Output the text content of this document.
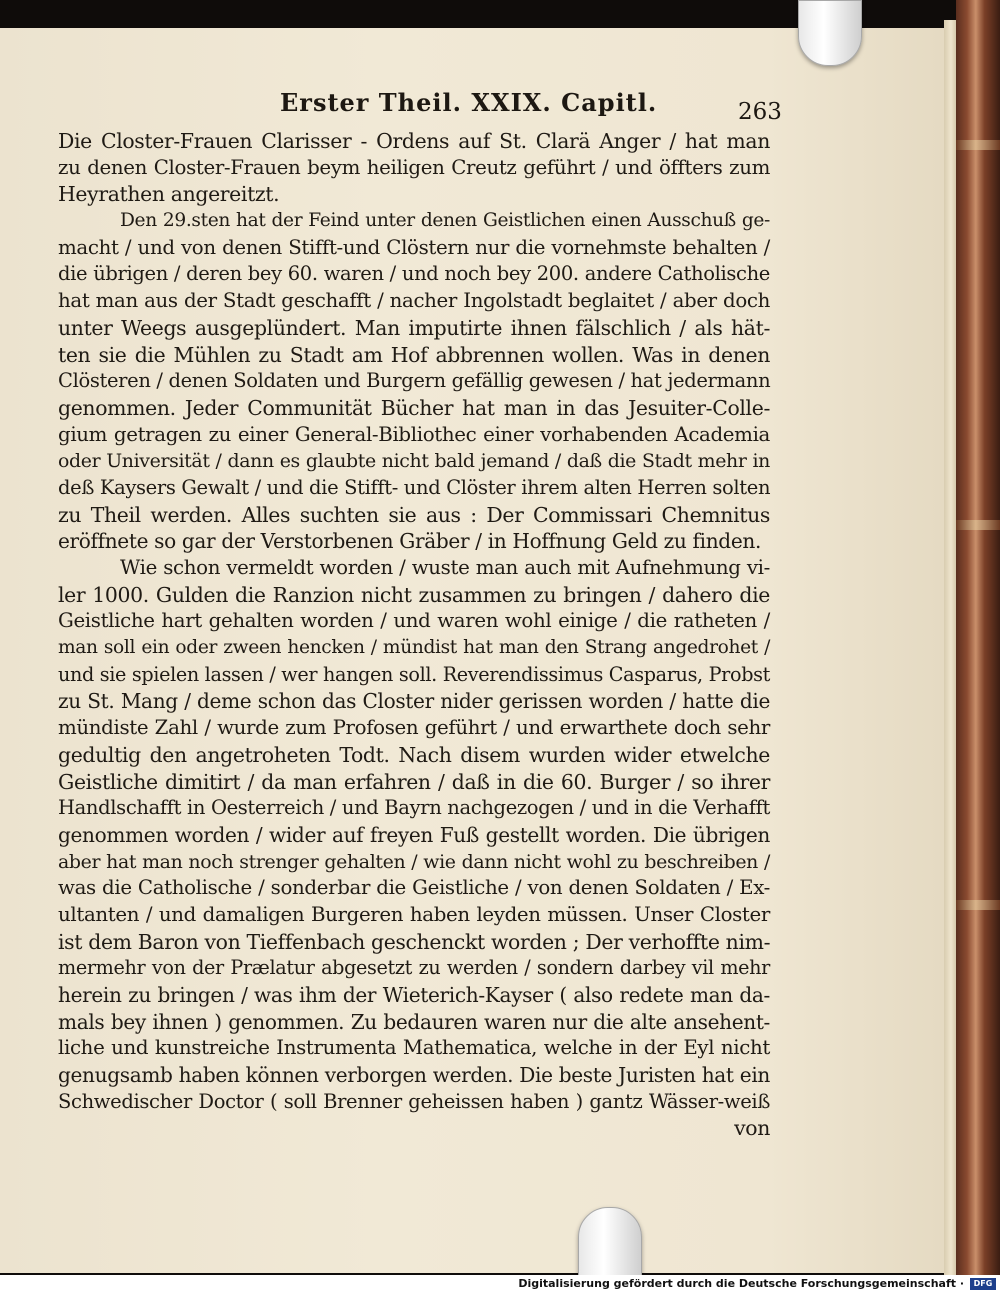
Erster Theil. XXIX. Capitl.	263
Die Closter-Frauen Clarisser - Ordens auf St. Clarä Anger / hat man
zu denen Closter-Frauen beym heiligen Creutz geführt / und öffters zum
Heyrathen angereitzt.
Den 29.sten hat der Feind unter denen Geistlichen einen Ausschuß ge-
macht / und von denen Stifft-und Clöstern nur die vornehmste behalten /
die übrigen / deren bey 60. waren / und noch bey 200. andere Catholische
hat man aus der Stadt geschafft / nacher Ingolstadt beglaitet / aber doch
unter Weegs ausgeplündert. Man imputirte ihnen fälschlich / als hät-
ten sie die Mühlen zu Stadt am Hof abbrennen wollen. Was in denen
Clösteren / denen Soldaten und Burgern gefällig gewesen / hat jedermann
genommen. Jeder Communität Bücher hat man in das Jesuiter-Colle-
gium getragen zu einer General-Bibliothec einer vorhabenden Academia
oder Universität / dann es glaubte nicht bald jemand / daß die Stadt mehr in
deß Kaysers Gewalt / und die Stifft- und Clöster ihrem alten Herren solten
zu Theil werden. Alles suchten sie aus : Der Commissari Chemnitus
eröffnete so gar der Verstorbenen Gräber / in Hoffnung Geld zu finden.
Wie schon vermeldt worden / wuste man auch mit Aufnehmung vi-
ler 1000. Gulden die Ranzion nicht zusammen zu bringen / dahero die
Geistliche hart gehalten worden / und waren wohl einige / die ratheten /
man soll ein oder zween hencken / mündist hat man den Strang angedrohet /
und sie spielen lassen / wer hangen soll. Reverendissimus Casparus, Probst
zu St. Mang / deme schon das Closter nider gerissen worden / hatte die
mündiste Zahl / wurde zum Profosen geführt / und erwarthete doch sehr
gedultig den angetroheten Todt. Nach disem wurden wider etwelche
Geistliche dimitirt / da man erfahren / daß in die 60. Burger / so ihrer
Handlschafft in Oesterreich / und Bayrn nachgezogen / und in die Verhafft
genommen worden / wider auf freyen Fuß gestellt worden. Die übrigen
aber hat man noch strenger gehalten / wie dann nicht wohl zu beschreiben /
was die Catholische / sonderbar die Geistliche / von denen Soldaten / Ex-
ultanten / und damaligen Burgeren haben leyden müssen. Unser Closter
ist dem Baron von Tieffenbach geschenckt worden ; Der verhoffte nim-
mermehr von der Prælatur abgesetzt zu werden / sondern darbey vil mehr
herein zu bringen / was ihm der Wieterich-Kayser ( also redete man da-
mals bey ihnen ) genommen. Zu bedauren waren nur die alte ansehent-
liche und kunstreiche Instrumenta Mathematica, welche in der Eyl nicht
genugsamb haben können verborgen werden. Die beste Juristen hat ein
Schwedischer Doctor ( soll Brenner geheissen haben ) gantz Wässer-weiß
von
Digitalisierung gefördert durch die Deutsche Forschungsgemeinschaft ·	DFG
